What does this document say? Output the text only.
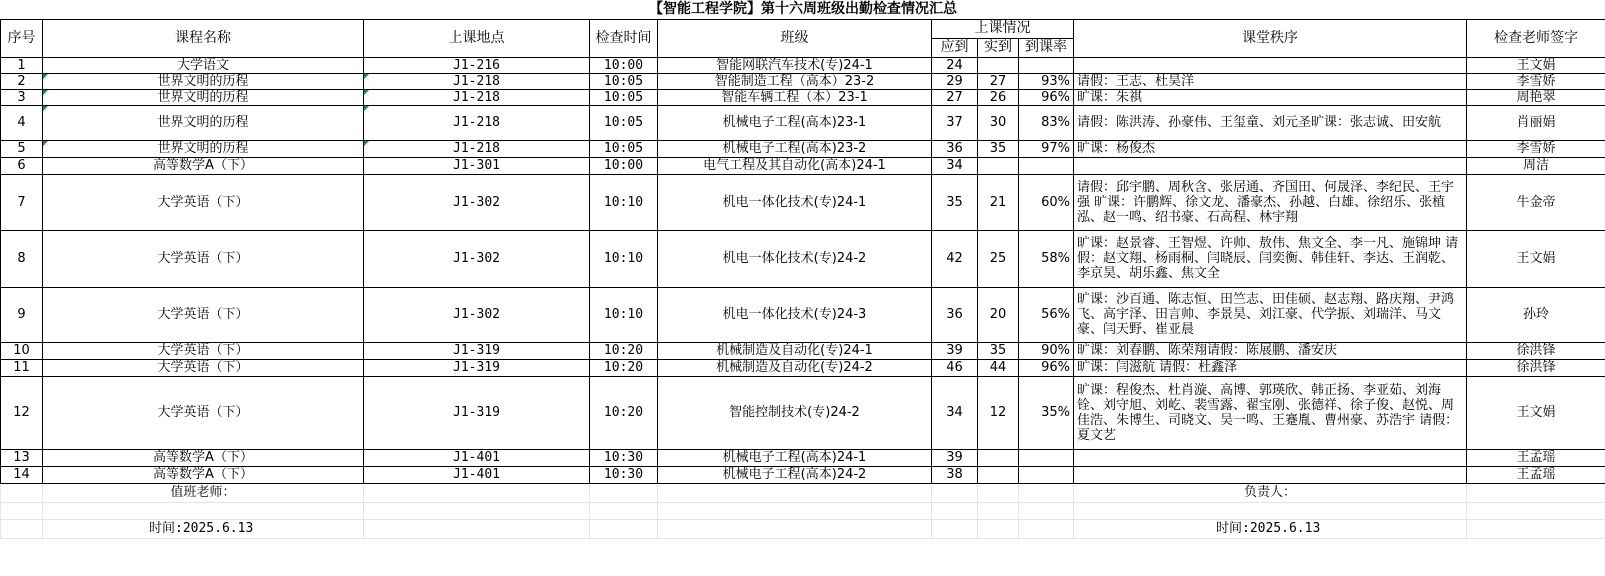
【智能工程学院】第十六周班级出勤检查情况汇总									
序号	课程名称	上课地点	检查时间	班级	上课情况			课堂秩序	检查老师签字
					应到	实到	到课率		
1	大学语文	J1-216	10:00	智能网联汽车技术(专)24-1	24				王文娟
2	世界文明的历程	J1-218	10:05	智能制造工程（高本）23-2	29	27	93%	请假：王志、杜昊洋	李雪娇
3	世界文明的历程	J1-218	10:05	智能车辆工程（本）23-1	27	26	96%	旷课：朱祺	周艳翠
4	世界文明的历程	J1-218	10:05	机械电子工程(高本)23-1	37	30	83%	请假：陈洪涛、孙豪伟、王玺童、刘元圣旷课：张志诚、田安航	肖丽娟
5	世界文明的历程	J1-218	10:05	机械电子工程(高本)23-2	36	35	97%	旷课：杨俊杰	李雪娇
6	高等数学A（下）	J1-301	10:00	电气工程及其自动化(高本)24-1	34				周洁
7	大学英语（下）	J1-302	10:10	机电一体化技术(专)24-1	35	21	60%	请假：邱宇鹏、周秋含、张居通、齐国田、何晟泽、李纪民、王宇强 旷课：许鹏辉、徐文龙、潘豪杰、孙越、白雄、徐绍乐、张植泓、赵一鸣、绍书豪、石高程、林宇翔	牛金帝
8	大学英语（下）	J1-302	10:10	机电一体化技术(专)24-2	42	25	58%	旷课：赵景睿、王智煜、许帅、敖伟、焦文全、李一凡、施锦坤 请假：赵文翔、杨雨桐、闫晓辰、闫奕衡、韩佳轩、李达、王润乾、李京昊、胡乐鑫、焦文全	王文娟
9	大学英语（下）	J1-302	10:10	机电一体化技术(专)24-3	36	20	56%	旷课：沙百通、陈志恒、田竺志、田佳硕、赵志翔、路庆翔、尹鸿飞、高宇泽、田言帅、李景昊、刘江豪、代学振、刘瑞洋、马文豪、闫天野、崔亚晨	孙玲
10	大学英语（下）	J1-319	10:20	机械制造及自动化(专)24-1	39	35	90%	旷课：刘春鹏、陈荣翔请假：陈展鹏、潘安庆	徐洪锋
11	大学英语（下）	J1-319	10:20	机械制造及自动化(专)24-2	46	44	96%	旷课：闫滋航 请假：杜鑫泽	徐洪锋
12	大学英语（下）	J1-319	10:20	智能控制技术(专)24-2	34	12	35%	旷课：程俊杰、杜肖漩、高博、郭瑛欣、韩正扬、李亚茹、刘海铨、刘守旭、刘屹、裴雪露、翟宝刚、张德祥、徐子俊、赵悦、周佳浩、朱博生、司晓文、吴一鸣、王蹇胤、曹州豪、苏浩宇 请假：夏文艺	王文娟
13	高等数学A（下）	J1-401	10:30	机械电子工程(高本)24-1	39				王孟瑶
14	高等数学A（下）	J1-401	10:30	机械电子工程(高本)24-2	38				王孟瑶
	值班老师：							负责人：	

	时间:2025.6.13							时间:2025.6.13	
